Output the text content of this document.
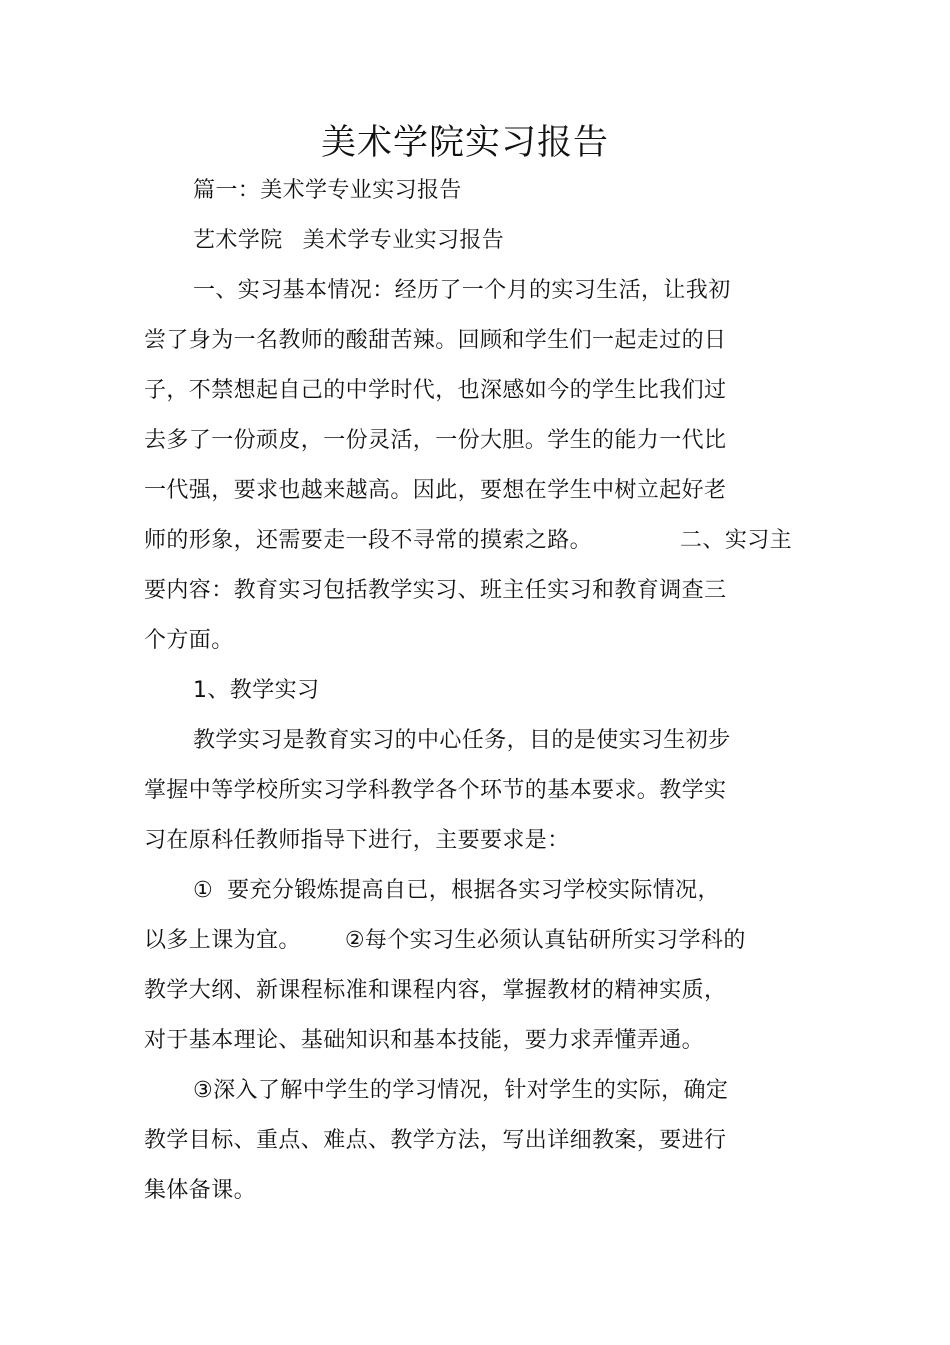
美术学院实习报告
篇一：美术学专业实习报告
艺术学院 美术学专业实习报告
一、实习基本情况：经历了一个月的实习生活，让我初
尝了身为一名教师的酸甜苦辣。回顾和学生们一起走过的日
子，不禁想起自己的中学时代，也深感如今的学生比我们过
去多了一份顽皮，一份灵活，一份大胆。学生的能力一代比
一代强，要求也越来越高。因此，要想在学生中树立起好老
师的形象，还需要走一段不寻常的摸索之路。	二、实习主
要内容：教育实习包括教学实习、班主任实习和教育调查三
个方面。
1、教学实习
教学实习是教育实习的中心任务，目的是使实习生初步
掌握中等学校所实习学科教学各个环节的基本要求。教学实
习在原科任教师指导下进行，主要要求是：
① 要充分锻炼提高自已，根据各实习学校实际情况，
以多上课为宜。 ②每个实习生必须认真钻研所实习学科的
教学大纲、新课程标准和课程内容，掌握教材的精神实质，
对于基本理论、基础知识和基本技能，要力求弄懂弄通。
③深入了解中学生的学习情况，针对学生的实际，确定
教学目标、重点、难点、教学方法，写出详细教案，要进行
集体备课。
